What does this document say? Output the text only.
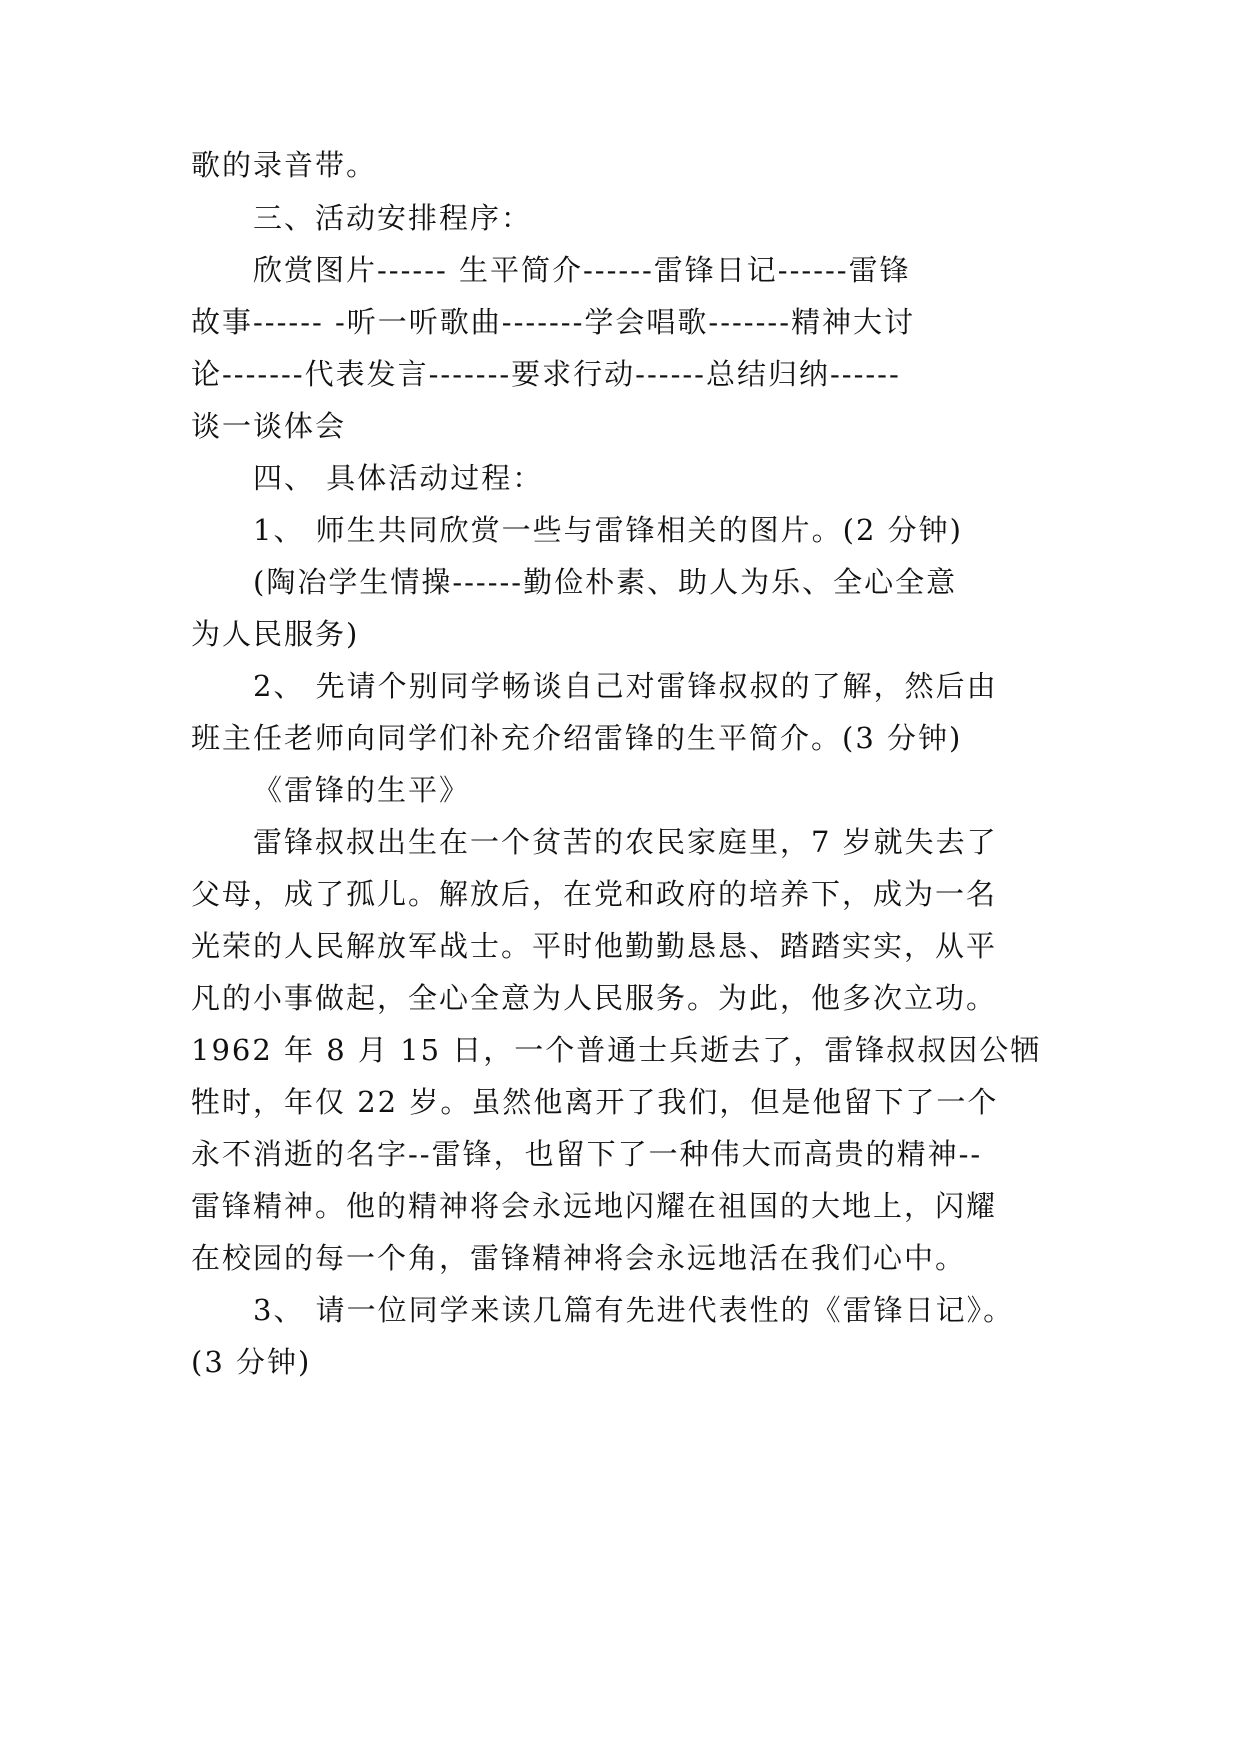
歌的录音带。
三、活动安排程序：
欣赏图片------ 生平简介------雷锋日记------雷锋
故事------ -听一听歌曲-------学会唱歌-------精神大讨
论-------代表发言-------要求行动------总结归纳------
谈一谈体会
四、 具体活动过程：
1、 师生共同欣赏一些与雷锋相关的图片。(2 分钟)
(陶冶学生情操------勤俭朴素、助人为乐、全心全意
为人民服务)
2、 先请个别同学畅谈自己对雷锋叔叔的了解，然后由
班主任老师向同学们补充介绍雷锋的生平简介。(3 分钟)
《雷锋的生平》
雷锋叔叔出生在一个贫苦的农民家庭里，7 岁就失去了
父母，成了孤儿。解放后，在党和政府的培养下，成为一名
光荣的人民解放军战士。平时他勤勤恳恳、踏踏实实，从平
凡的小事做起，全心全意为人民服务。为此，他多次立功。
1962 年 8 月 15 日，一个普通士兵逝去了，雷锋叔叔因公牺
牲时，年仅 22 岁。虽然他离开了我们，但是他留下了一个
永不消逝的名字--雷锋，也留下了一种伟大而高贵的精神--
雷锋精神。他的精神将会永远地闪耀在祖国的大地上，闪耀
在校园的每一个角，雷锋精神将会永远地活在我们心中。
3、 请一位同学来读几篇有先进代表性的《雷锋日记》。
(3 分钟)
